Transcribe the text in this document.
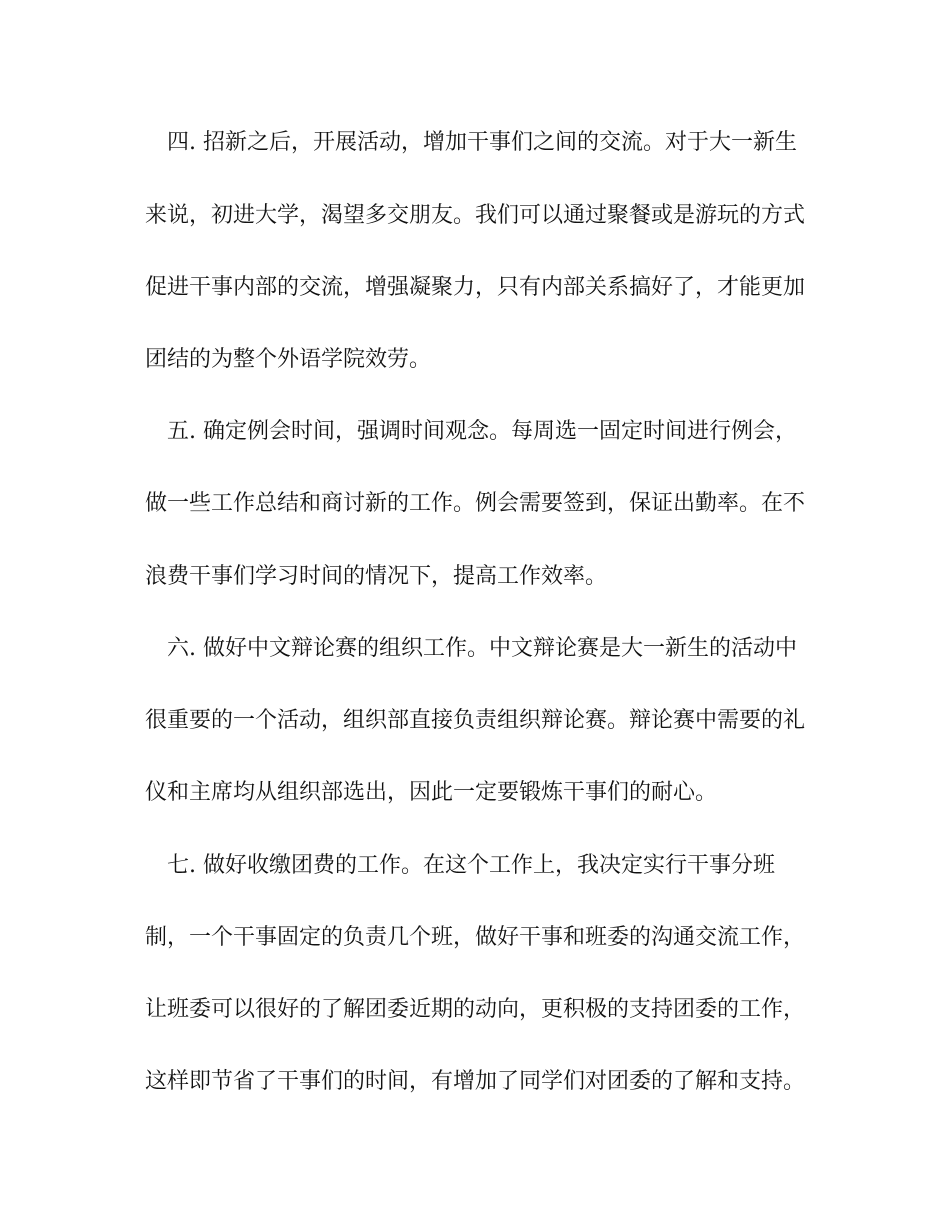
四. 招新之后，开展活动，增加干事们之间的交流。对于大一新生

来说，初进大学，渴望多交朋友。我们可以通过聚餐或是游玩的方式

促进干事内部的交流，增强凝聚力，只有内部关系搞好了，才能更加

团结的为整个外语学院效劳。

五. 确定例会时间，强调时间观念。每周选一固定时间进行例会，

做一些工作总结和商讨新的工作。例会需要签到，保证出勤率。在不

浪费干事们学习时间的情况下，提高工作效率。

六. 做好中文辩论赛的组织工作。中文辩论赛是大一新生的活动中

很重要的一个活动，组织部直接负责组织辩论赛。辩论赛中需要的礼

仪和主席均从组织部选出，因此一定要锻炼干事们的耐心。

七. 做好收缴团费的工作。在这个工作上，我决定实行干事分班

制，一个干事固定的负责几个班，做好干事和班委的沟通交流工作，

让班委可以很好的了解团委近期的动向，更积极的支持团委的工作，

这样即节省了干事们的时间，有增加了同学们对团委的了解和支持。
